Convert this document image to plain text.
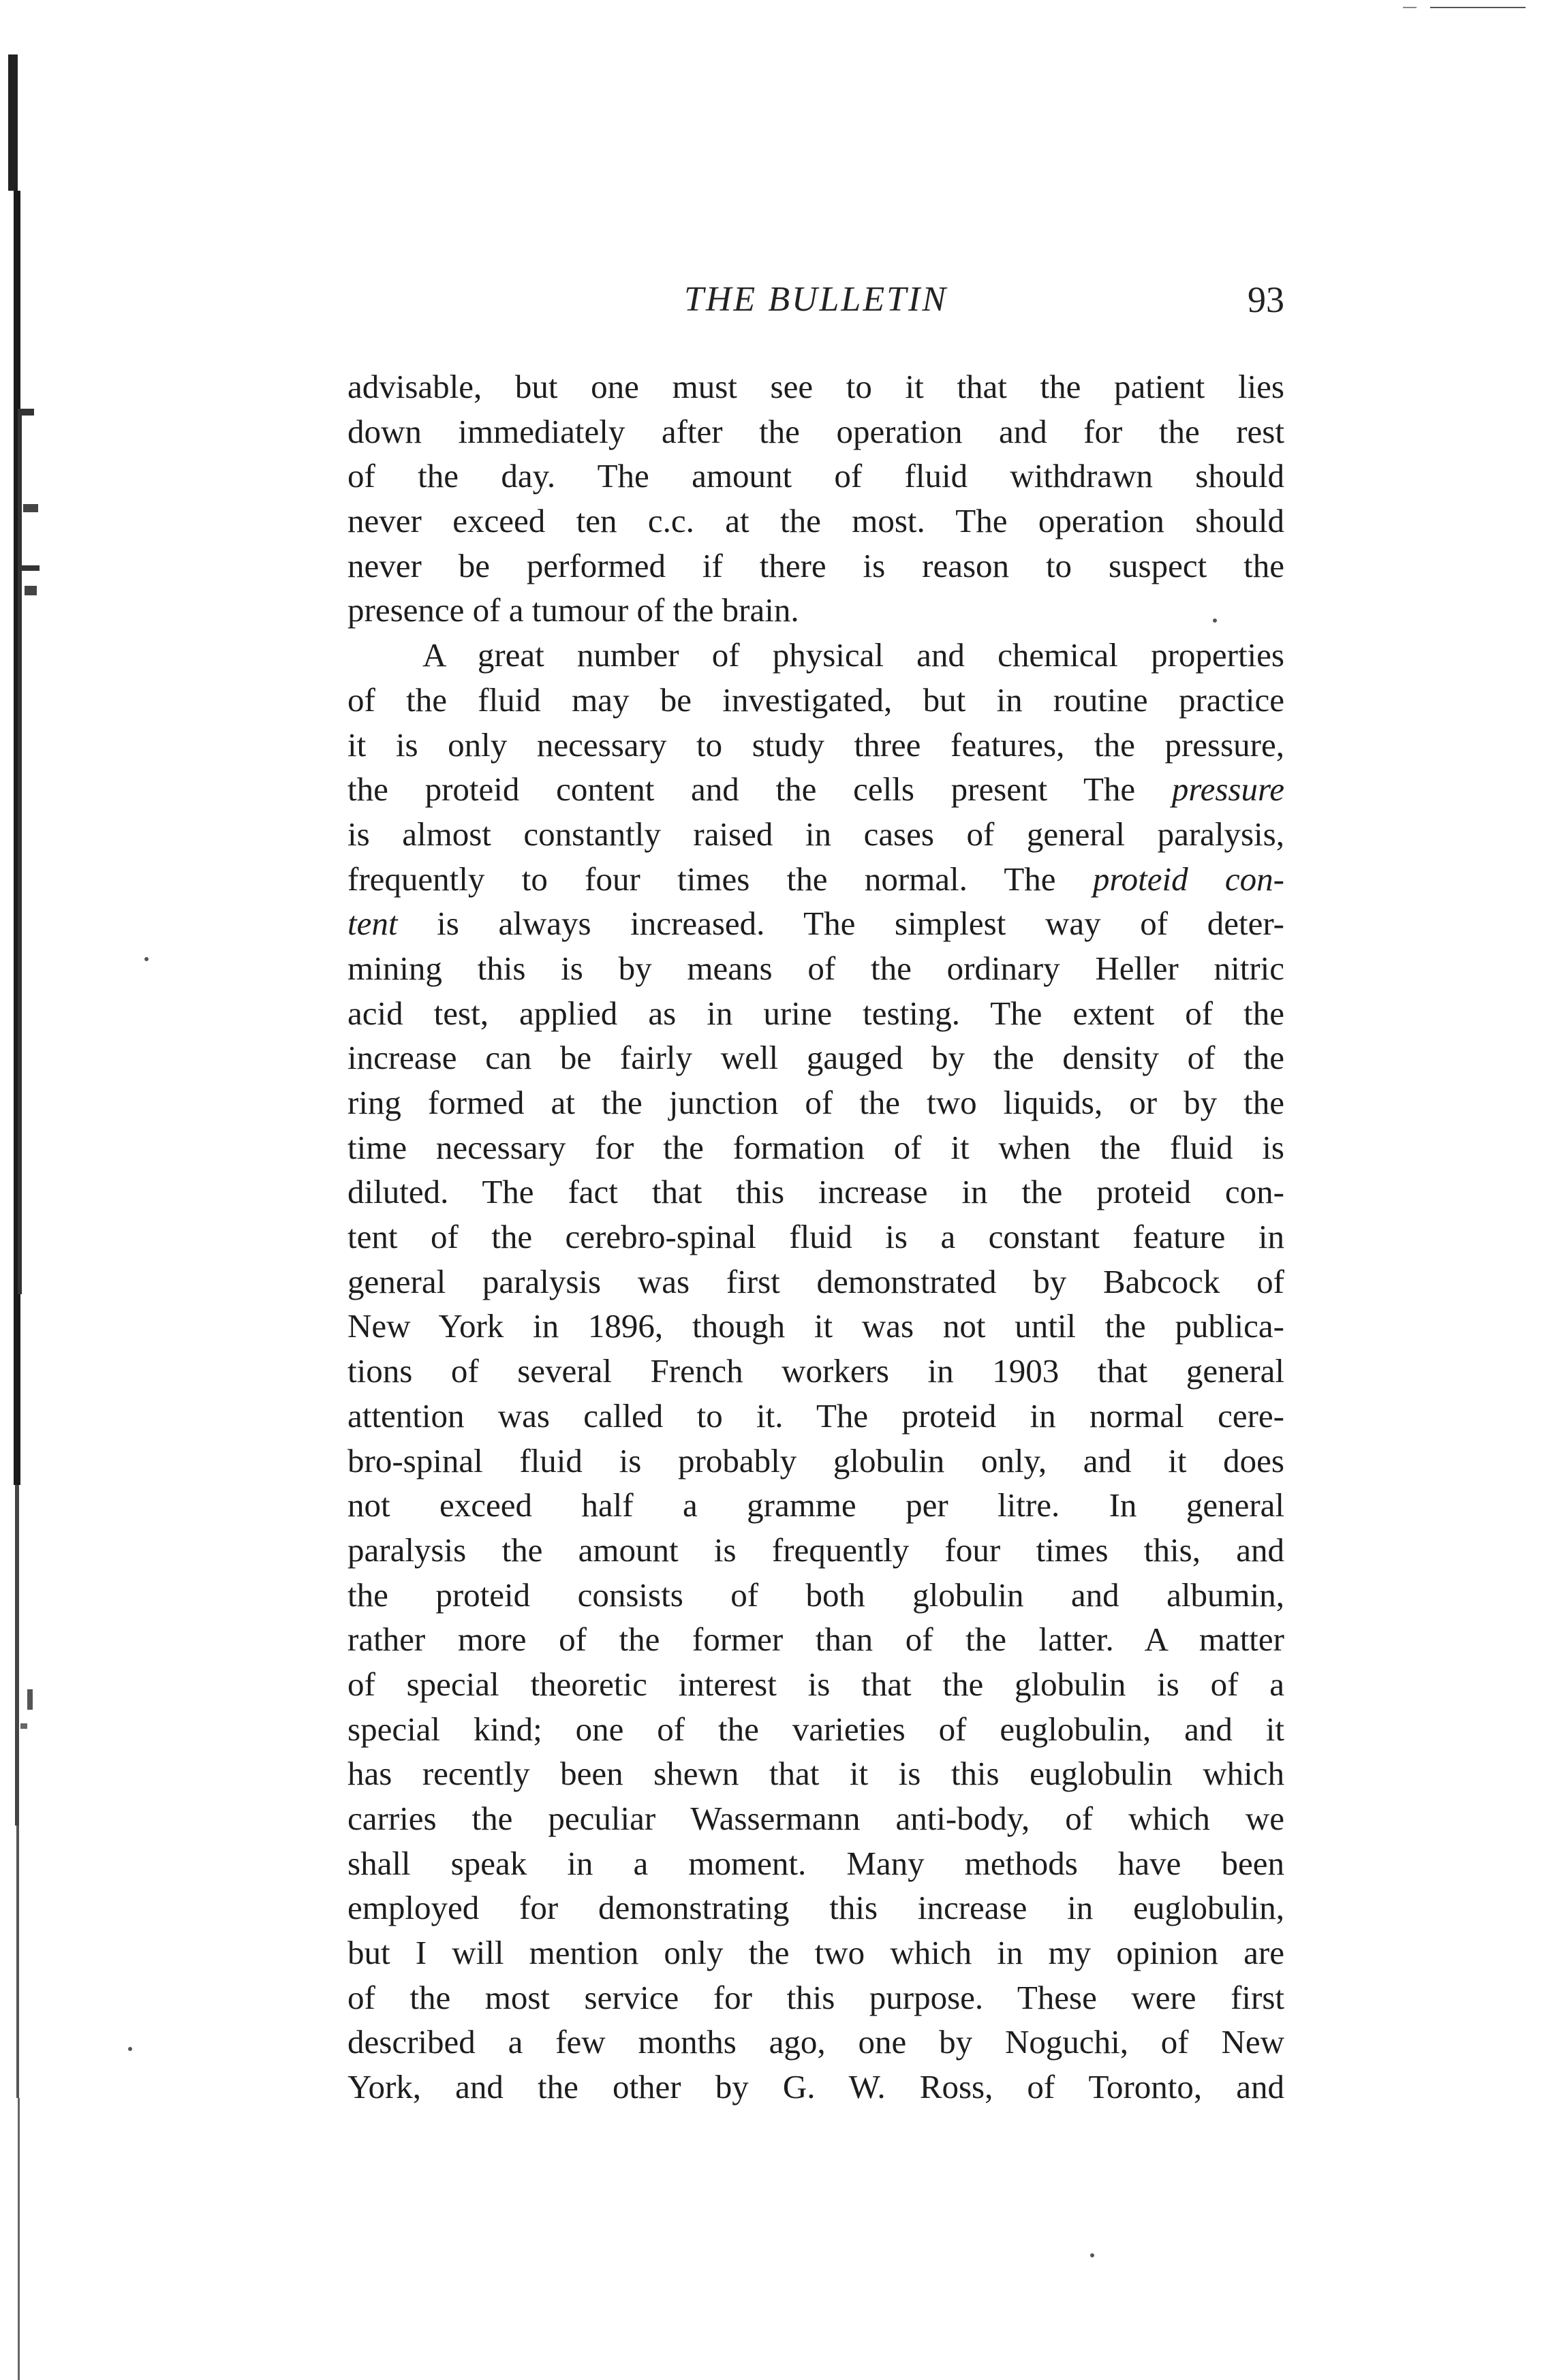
THE BULLETIN	93
advisable, but one must see to it that the patient lies
down immediately after the operation and for the rest
of the day. The amount of fluid withdrawn should
never exceed ten c.c. at the most. The operation should
never be performed if there is reason to suspect the
presence of a tumour of the brain.
A great number of physical and chemical properties
of the fluid may be investigated, but in routine practice
it is only necessary to study three features, the pressure,
the proteid content and the cells present The pressure
is almost constantly raised in cases of general paralysis,
frequently to four times the normal. The proteid con-
tent is always increased. The simplest way of deter-
mining this is by means of the ordinary Heller nitric
acid test, applied as in urine testing. The extent of the
increase can be fairly well gauged by the density of the
ring formed at the junction of the two liquids, or by the
time necessary for the formation of it when the fluid is
diluted. The fact that this increase in the proteid con-
tent of the cerebro-spinal fluid is a constant feature in
general paralysis was first demonstrated by Babcock of
New York in 1896, though it was not until the publica-
tions of several French workers in 1903 that general
attention was called to it. The proteid in normal cere-
bro-spinal fluid is probably globulin only, and it does
not exceed half a gramme per litre. In general
paralysis the amount is frequently four times this, and
the proteid consists of both globulin and albumin,
rather more of the former than of the latter. A matter
of special theoretic interest is that the globulin is of a
special kind; one of the varieties of euglobulin, and it
has recently been shewn that it is this euglobulin which
carries the peculiar Wassermann anti-body, of which we
shall speak in a moment. Many methods have been
employed for demonstrating this increase in euglobulin,
but I will mention only the two which in my opinion are
of the most service for this purpose. These were first
described a few months ago, one by Noguchi, of New
York, and the other by G. W. Ross, of Toronto, and
